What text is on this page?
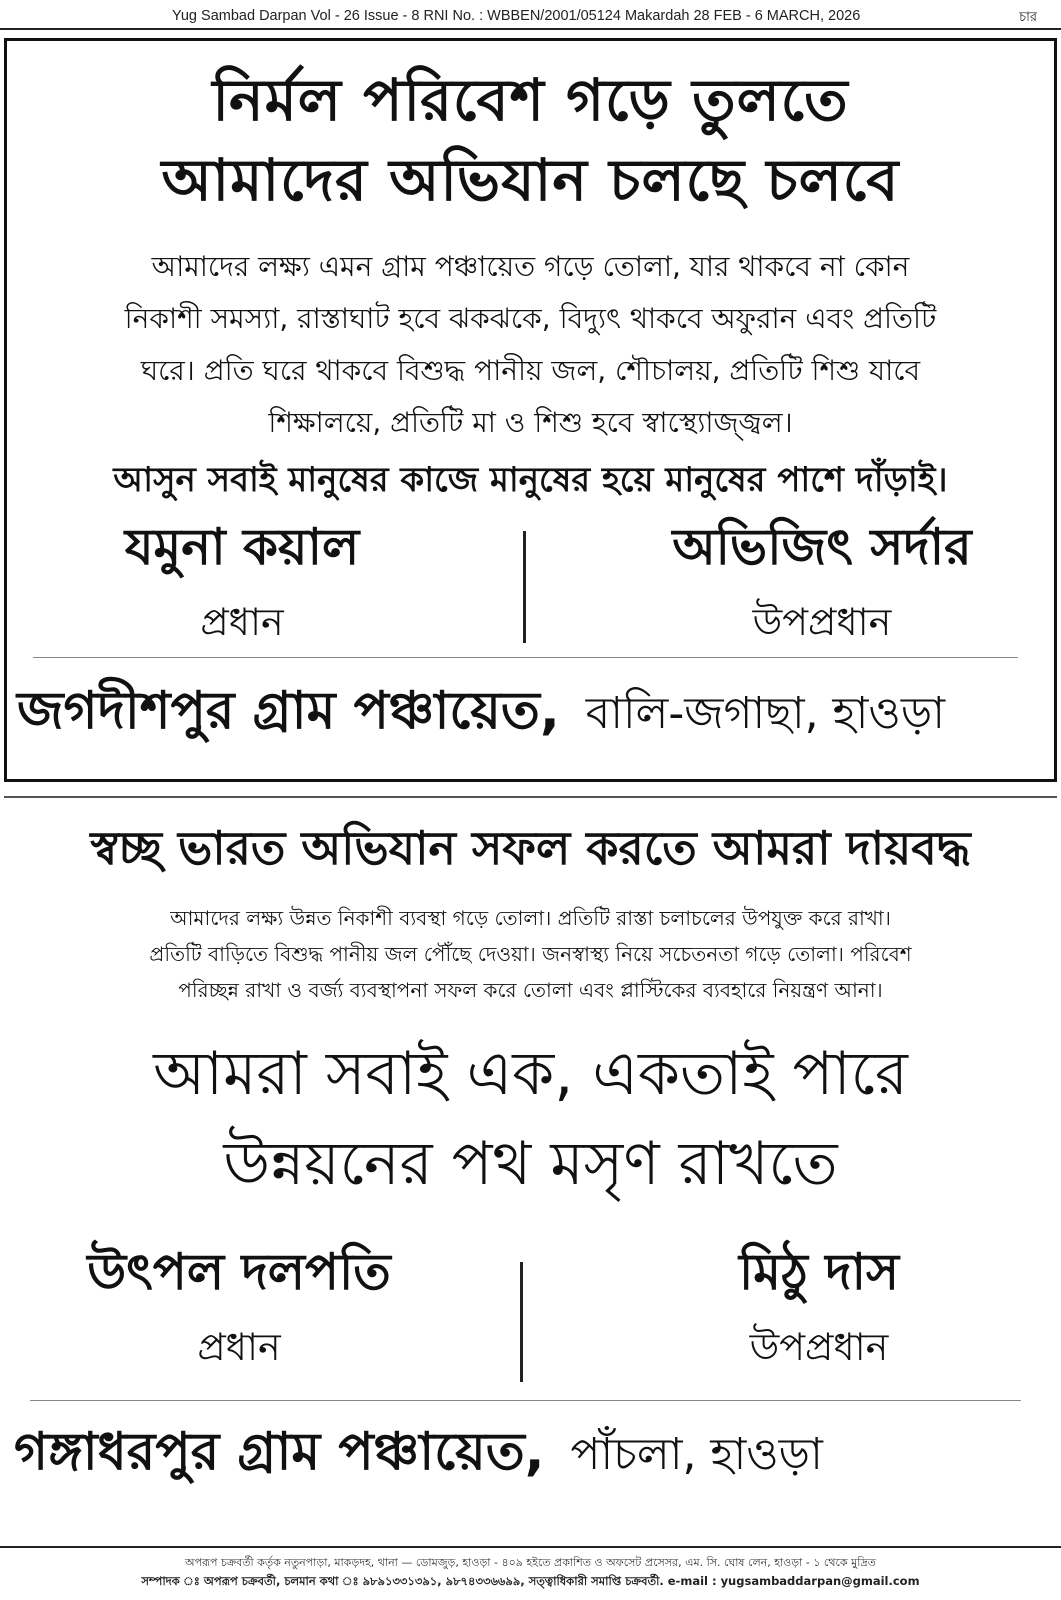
Yug Sambad Darpan Vol - 26 Issue - 8 RNI No. : WBBEN/2001/05124 Makardah 28 FEB - 6 MARCH, 2026	চার
নির্মল পরিবেশ গড়ে তুলতে
আমাদের অভিযান চলছে চলবে
আমাদের লক্ষ্য এমন গ্রাম পঞ্চায়েত গড়ে তোলা, যার থাকবে না কোন
নিকাশী সমস্যা, রাস্তাঘাট হবে ঝকঝকে, বিদ্যুৎ থাকবে অফুরান এবং প্রতিটি
ঘরে। প্রতি ঘরে থাকবে বিশুদ্ধ পানীয় জল, শৌচালয়, প্রতিটি শিশু যাবে
শিক্ষালয়ে, প্রতিটি মা ও শিশু হবে স্বাস্থ্যোজ্জ্বল।
আসুন সবাই মানুষের কাজে মানুষের হয়ে মানুষের পাশে দাঁড়াই।
যমুনা কয়াল
প্রধান
অভিজিৎ সর্দার
উপপ্রধান
জগদীশপুর গ্রাম পঞ্চায়েত, বালি-জগাছা, হাওড়া
স্বচ্ছ ভারত অভিযান সফল করতে আমরা দায়বদ্ধ
আমাদের লক্ষ্য উন্নত নিকাশী ব্যবস্থা গড়ে তোলা। প্রতিটি রাস্তা চলাচলের উপযুক্ত করে রাখা।
প্রতিটি বাড়িতে বিশুদ্ধ পানীয় জল পৌঁছে দেওয়া। জনস্বাস্থ্য নিয়ে সচেতনতা গড়ে তোলা। পরিবেশ
পরিচ্ছন্ন রাখা ও বর্জ্য ব্যবস্থাপনা সফল করে তোলা এবং প্লাস্টিকের ব্যবহারে নিয়ন্ত্রণ আনা।
আমরা সবাই এক, একতাই পারে
উন্নয়নের পথ মসৃণ রাখতে
উৎপল দলপতি
প্রধান
মিঠু দাস
উপপ্রধান
গঙ্গাধরপুর গ্রাম পঞ্চায়েত, পাঁচলা, হাওড়া
অপরূপ চক্রবর্তী কর্তৃক নতুনপাড়া, মাকড়দহ, থানা — ডোমজুড়, হাওড়া - ৪০৯ হইতে প্রকাশিত ও অফসেট প্রসেসর, এম. সি. ঘোষ লেন, হাওড়া - ১ থেকে মুদ্রিত
সম্পাদক ঃ অপরূপ চক্রবর্তী, চলমান কথা ঃ ৯৮৯১৩৩১৩৯১, ৯৮৭৪৩৩৬৬৯৯, সত্ত্বাধিকারী সমাপ্তি চক্রবর্তী. e-mail : yugsambaddarpan@gmail.com
